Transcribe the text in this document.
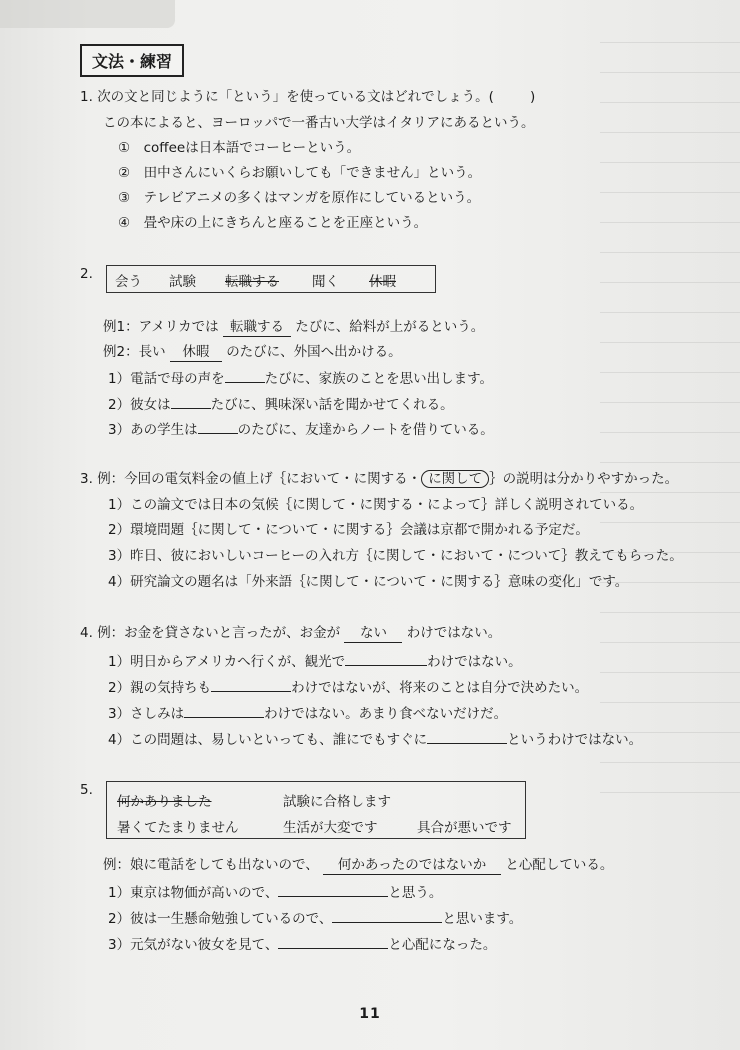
文法・練習
1. 次の文と同じように「という」を使っている文はどれでしょう。(	)
この本によると、ヨーロッパで一番古い大学はイタリアにあるという。
①　coffeeは日本語でコーヒーという。
②　田中さんにいくらお願いしても「できません」という。
③　テレビアニメの多くはマンガを原作にしているという。
④　畳や床の上にきちんと座ることを正座という。
2. 会う 試験 転職する 聞く 休暇
例1：アメリカでは 転職する たびに、給料が上がるという。
例2：長い 休暇 のたびに、外国へ出かける。
1）電話で母の声を	たびに、家族のことを思い出します。
2）彼女は	たびに、興味深い話を聞かせてくれる。
3）あの学生は	のたびに、友達からノートを借りている。
3. 例：今回の電気料金の値上げ｛において・に関する・ に関して ｝の説明は分かりやすかった。
1）この論文では日本の気候｛に関して・に関する・によって｝詳しく説明されている。
2）環境問題｛に関して・について・に関する｝会議は京都で開かれる予定だ。
3）昨日、彼においしいコーヒーの入れ方｛に関して・において・について｝教えてもらった。
4）研究論文の題名は「外来語｛に関して・について・に関する｝意味の変化」です。
4. 例：お金を貸さないと言ったが、お金が ない わけではない。
1）明日からアメリカへ行くが、観光で	わけではない。
2）親の気持ちも	わけではないが、将来のことは自分で決めたい。
3）さしみは	わけではない。あまり食べないだけだ。
4）この問題は、易しいといっても、誰にでもすぐに	というわけではない。
5.
何かありました	試験に合格します
暑くてたまりません	生活が大変です	具合が悪いです
例：娘に電話をしても出ないので、 何かあったのではないか と心配している。
1）東京は物価が高いので、	と思う。
2）彼は一生懸命勉強しているので、	と思います。
3）元気がない彼女を見て、	と心配になった。
11
